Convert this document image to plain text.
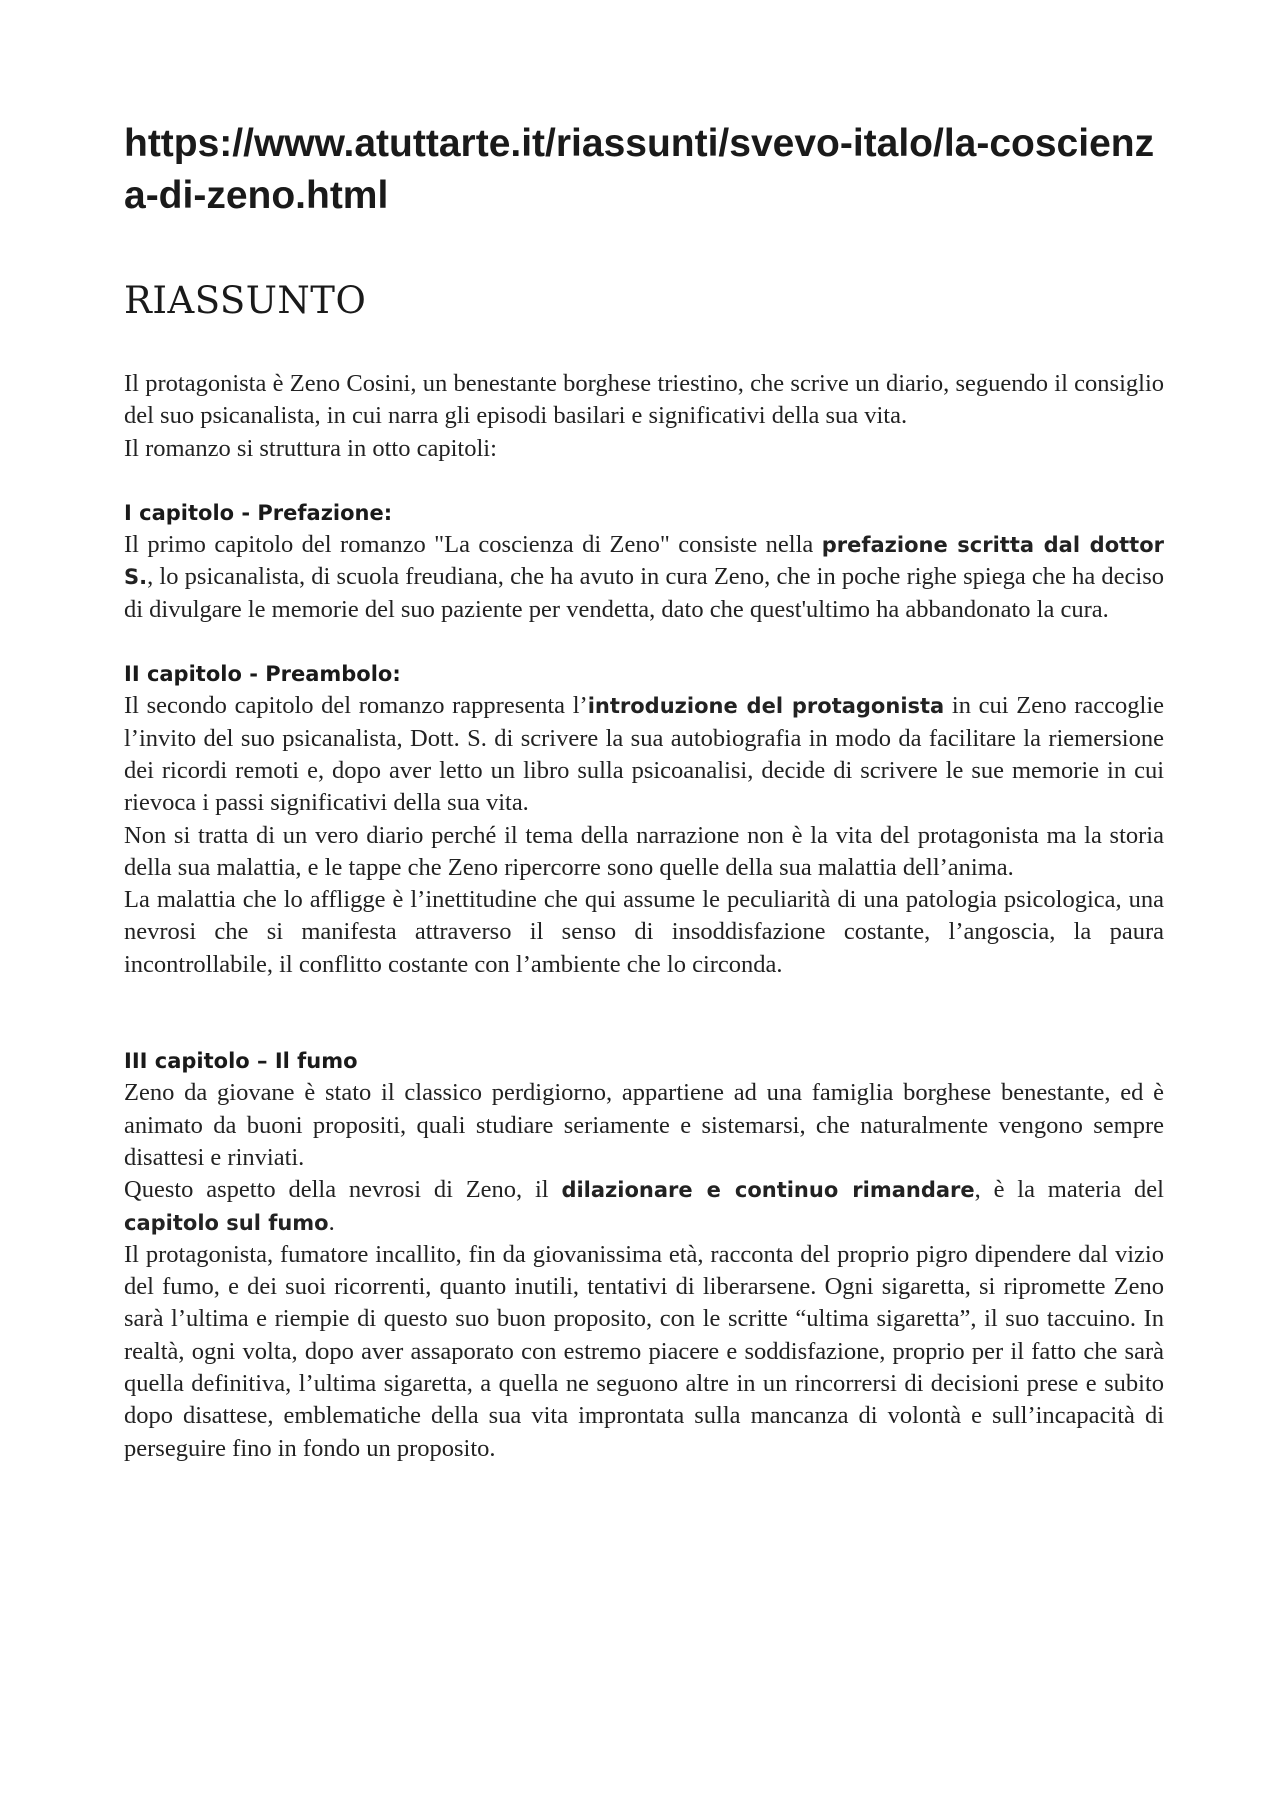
https://www.atuttarte.it/riassunti/svevo-italo/la-coscienza-di-zeno.html
RIASSUNTO

Il protagonista è Zeno Cosini, un benestante borghese triestino, che scrive un diario, seguendo il consiglio del suo psicanalista, in cui narra gli episodi basilari e significativi della sua vita.

Il romanzo si struttura in otto capitoli:

I capitolo - Prefazione:

Il primo capitolo del romanzo "La coscienza di Zeno" consiste nella prefazione scritta dal dottor S., lo psicanalista, di scuola freudiana, che ha avuto in cura Zeno, che in poche righe spiega che ha deciso di divulgare le memorie del suo paziente per vendetta, dato che quest'ultimo ha abbandonato la cura.

II capitolo - Preambolo:

Il secondo capitolo del romanzo rappresenta l’introduzione del protagonista in cui Zeno raccoglie l’invito del suo psicanalista, Dott. S. di scrivere la sua autobiografia in modo da facilitare la riemersione dei ricordi remoti e, dopo aver letto un libro sulla psicoanalisi, decide di scrivere le sue memorie in cui rievoca i passi significativi della sua vita.

Non si tratta di un vero diario perché il tema della narrazione non è la vita del protagonista ma la storia della sua malattia, e le tappe che Zeno ripercorre sono quelle della sua malattia dell’anima.

La malattia che lo affligge è l’inettitudine che qui assume le peculiarità di una patologia psicologica, una nevrosi che si manifesta attraverso il senso di insoddisfazione costante, l’angoscia, la paura incontrollabile, il conflitto costante con l’ambiente che lo circonda.

III capitolo – Il fumo

Zeno da giovane è stato il classico perdigiorno, appartiene ad una famiglia borghese benestante, ed è animato da buoni propositi, quali studiare seriamente e sistemarsi, che naturalmente vengono sempre disattesi e rinviati.

Questo aspetto della nevrosi di Zeno, il dilazionare e continuo rimandare, è la materia del capitolo sul fumo.

Il protagonista, fumatore incallito, fin da giovanissima età, racconta del proprio pigro dipendere dal vizio del fumo, e dei suoi ricorrenti, quanto inutili, tentativi di liberarsene. Ogni sigaretta, si ripromette Zeno sarà l’ultima e riempie di questo suo buon proposito, con le scritte “ultima sigaretta”, il suo taccuino. In realtà, ogni volta, dopo aver assaporato con estremo piacere e soddisfazione, proprio per il fatto che sarà quella definitiva, l’ultima sigaretta, a quella ne seguono altre in un rincorrersi di decisioni prese e subito dopo disattese, emblematiche della sua vita improntata sulla mancanza di volontà e sull’incapacità di perseguire fino in fondo un proposito.
